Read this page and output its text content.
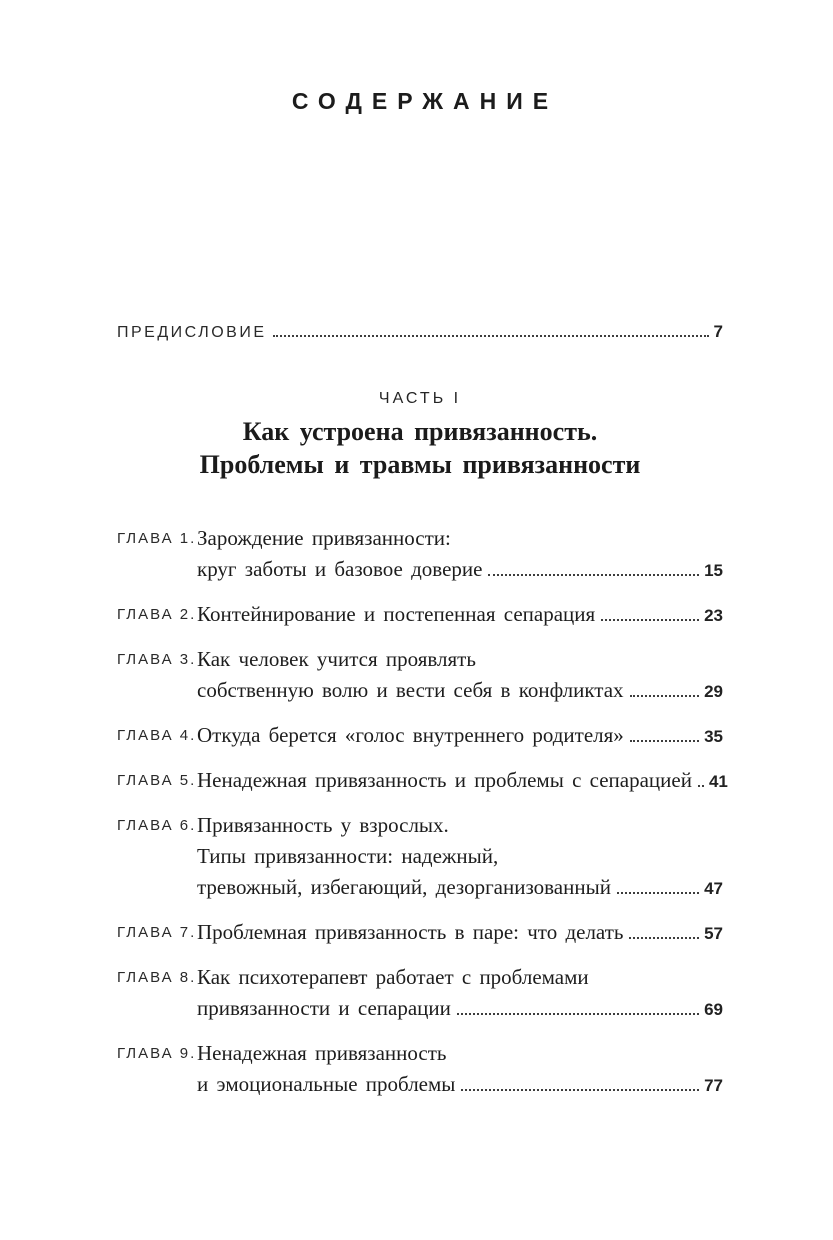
СОДЕРЖАНИЕ
ПРЕДИСЛОВИЕ	7
ЧАСТЬ I
Как устроена привязанность.
Проблемы и травмы привязанности
ГЛАВА 1. Зарождение привязанности:
круг заботы и базовое доверие	15
ГЛАВА 2. Контейнирование и постепенная сепарация	23
ГЛАВА 3. Как человек учится проявлять
собственную волю и вести себя в конфликтах	29
ГЛАВА 4. Откуда берется «голос внутреннего родителя»	35
ГЛАВА 5. Ненадежная привязанность и проблемы с сепарацией 41
ГЛАВА 6. Привязанность у взрослых.
Типы привязанности: надежный,
тревожный, избегающий, дезорганизованный	47
ГЛАВА 7. Проблемная привязанность в паре: что делать	57
ГЛАВА 8. Как психотерапевт работает с проблемами
привязанности и сепарации	69
ГЛАВА 9. Ненадежная привязанность
и эмоциональные проблемы	77
